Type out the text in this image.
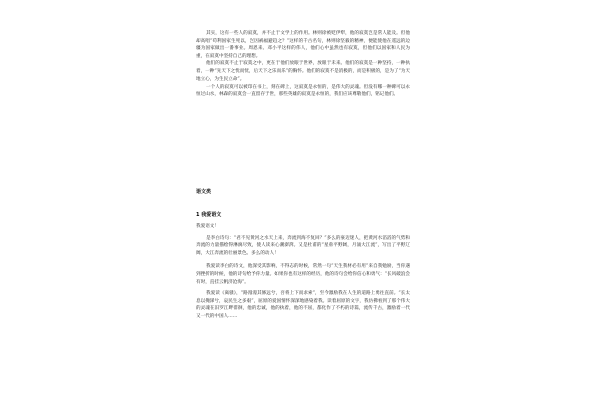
其实，这有一些人的寂寞，并不止于文学上的作用。林则徐被贬伊犁，他的寂寞岂是常人能及。但他却高唱“苟利国家生死以，岂因祸福避趋之？”这样的千古名句，林则徐坚毅的精神，便能使他在遥远的边疆为国家做出一番事业。周恩来、邓小平这样的伟人，他们心中虽然也有寂寞，但他们以国家和人民为重，在寂寞中坚持自己的理想。

他们的寂寞不止于寂寞之中，更在于他们放眼于世界，放眼于未来。他们的寂寞是一种坚持，一种执着，一种“先天下之忧而忧，后天下之乐而乐”的胸怀。他们的寂寞不是消极的，而是积极的，是为了“为天地立心，为生民立命”。

一个人的寂寞可以被印在书上，刻在碑上，这寂寞是永恒的，是伟大的灵魂。但没有哪一种碑可以永恒过山水，林森的寂寞会一直留存于世，那些英雄的寂寞是永恒的，我们应该尊敬他们，铭记他们。

语文类
1 我爱语文

我爱语文！

是李白诗句：“君不见黄河之水天上来，奔流到海不复回？”多么的豪迈迷人，把黄河水滔滔的气势和奔流的力量描绘得淋漓尽致，使人读来心潮澎湃。又是杜甫的“星垂平野阔，月涌大江流”，写出了平野辽阔，大江奔流的壮丽景色。多么的动人！

我爱读李白的诗文，他深受其影响，不得志的时候，常然一句“天生我材必有用”来自我勉励，当你遇到挫折的时候，他的诗句给予你力量。如果你也有这样的经历，他的诗句会给你信心和勇气：“长风破浪会有时，直挂云帆济沧海”。

我爱读《离骚》，“路漫漫其修远兮，吾将上下而求索”，至今激励我在人生的道路上勇往直前。“长太息以掩涕兮，哀民生之多艰”，屈原的爱国情怀深深地感染着我。读着屈原的文字，我仿佛看到了那个伟大的灵魂在汨罗江畔徘徊，他的忠诚，他的执着，他的不屈，都化作了不朽的诗篇，流传千古，激励着一代又一代的中国人……
